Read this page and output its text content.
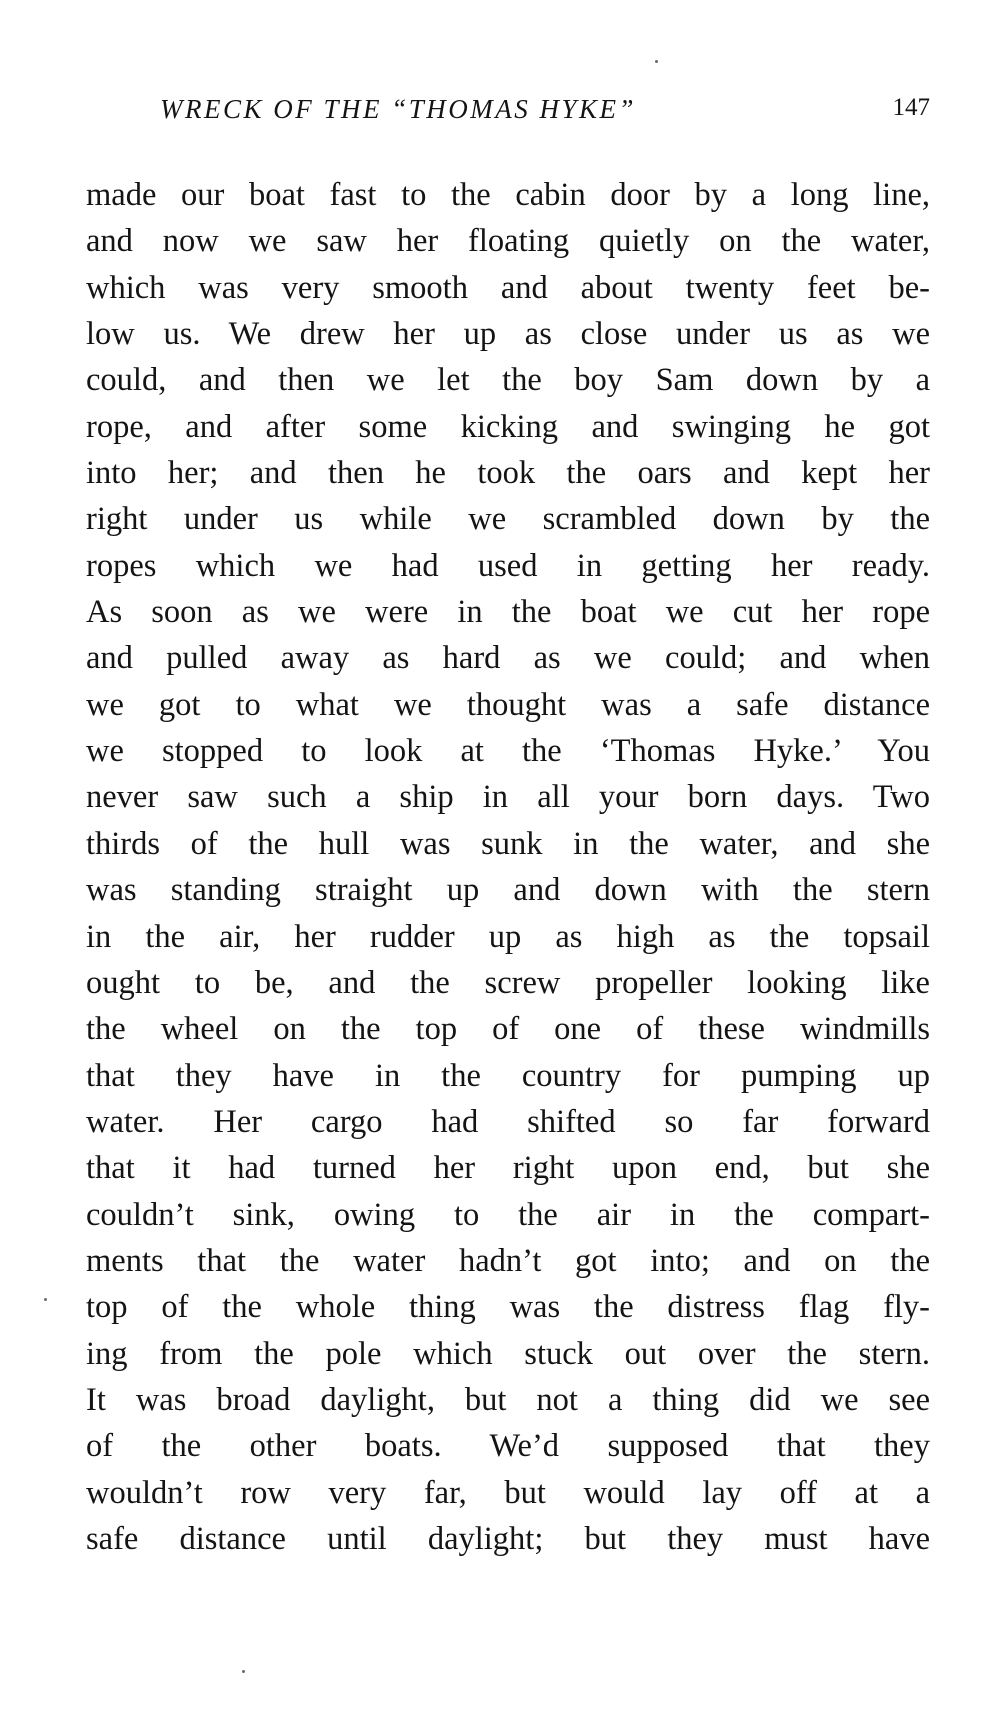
WRECK OF THE “THOMAS HYKE”	147
made our boat fast to the cabin door by a long line,
and now we saw her floating quietly on the water,
which was very smooth and about twenty feet be-
low us. We drew her up as close under us as we
could, and then we let the boy Sam down by a
rope, and after some kicking and swinging he got
into her; and then he took the oars and kept her
right under us while we scrambled down by the
ropes which we had used in getting her ready.
As soon as we were in the boat we cut her rope
and pulled away as hard as we could; and when
we got to what we thought was a safe distance
we stopped to look at the ‘Thomas Hyke.’ You
never saw such a ship in all your born days. Two
thirds of the hull was sunk in the water, and she
was standing straight up and down with the stern
in the air, her rudder up as high as the topsail
ought to be, and the screw propeller looking like
the wheel on the top of one of these windmills
that they have in the country for pumping up
water. Her cargo had shifted so far forward
that it had turned her right upon end, but she
couldn’t sink, owing to the air in the compart-
ments that the water hadn’t got into; and on the
top of the whole thing was the distress flag fly-
ing from the pole which stuck out over the stern.
It was broad daylight, but not a thing did we see
of the other boats. We’d supposed that they
wouldn’t row very far, but would lay off at a
safe distance until daylight; but they must have
